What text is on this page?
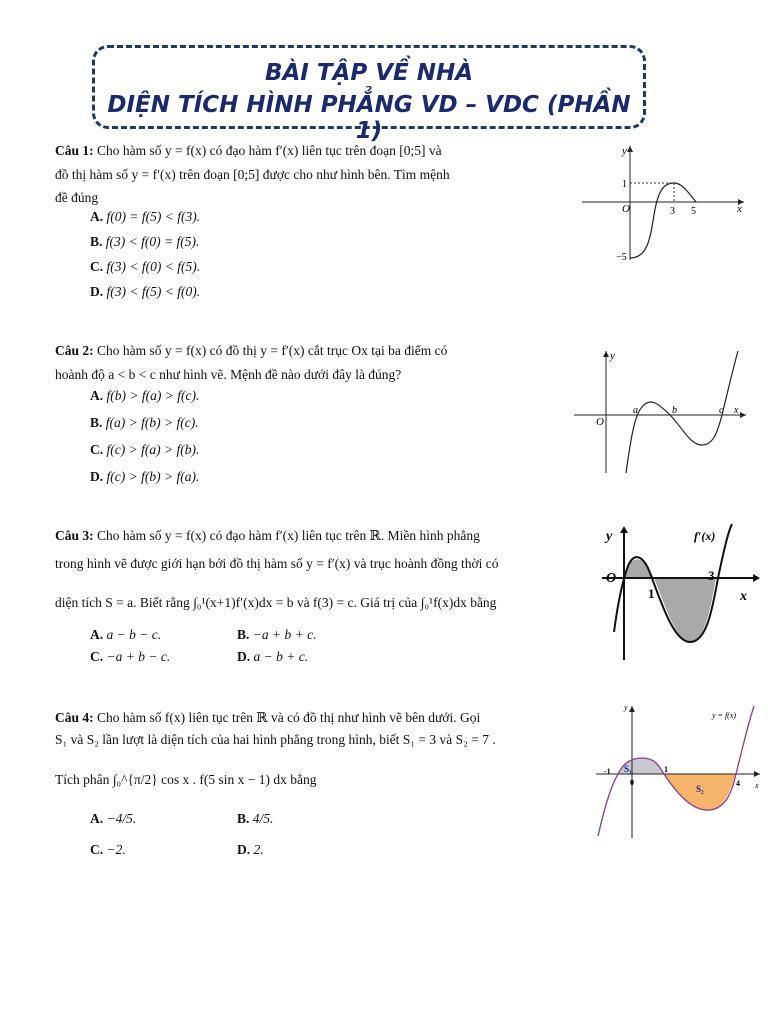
BÀI TẬP VỀ NHÀ
DIỆN TÍCH HÌNH PHẲNG VD – VDC (PHẦN 1)
Câu 1: Cho hàm số y = f(x) có đạo hàm f′(x) liên tục trên đoạn [0;5] và
đồ thị hàm số y = f′(x) trên đoạn [0;5] được cho như hình bên. Tìm mệnh
đề đúng
A. f(0) = f(5) < f(3).
B. f(3) < f(0) = f(5).
C. f(3) < f(0) < f(5).
D. f(3) < f(5) < f(0).
y
x
O
1
3 5
−5
Câu 2: Cho hàm số y = f(x) có đồ thị y = f′(x) cắt trục Ox tại ba điểm có
hoành độ a < b < c như hình vẽ. Mệnh đề nào dưới đây là đúng?
A. f(b) > f(a) > f(c).
B. f(a) > f(b) > f(c).
C. f(c) > f(a) > f(b).
D. f(c) > f(b) > f(a).
y
x
O
a	b	c
Câu 3: Cho hàm số y = f(x) có đạo hàm f′(x) liên tục trên ℝ. Miền hình phẳng
trong hình vẽ được giới hạn bởi đồ thị hàm số y = f′(x) và trục hoành đồng thời có
diện tích S = a. Biết rằng ∫₀¹(x+1)f′(x)dx = b và f(3) = c. Giá trị của ∫₀¹f(x)dx bằng
A. a − b − c.	B. −a + b + c.
C. −a + b − c.	D. a − b + c.
y
x
O
1
3
f′(x)
Câu 4: Cho hàm số f(x) liên tục trên ℝ và có đồ thị như hình vẽ bên dưới. Gọi
S₁ và S₂ lần lượt là diện tích của hai hình phẳng trong hình, biết S₁ = 3 và S₂ = 7 .
Tích phân ∫₀^{π/2} cos x . f(5 sin x − 1) dx bằng
A. −4/5.	B. 4/5.
C. −2.	D. 2.
y
x
y = f(x)
S₁
S₂
-1
0
1
4
